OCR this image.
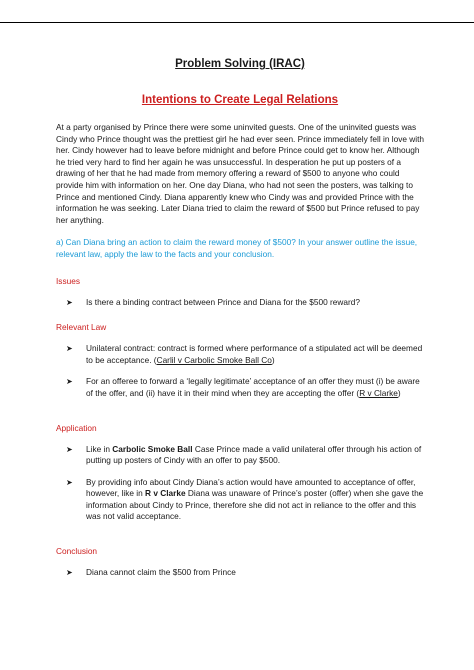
Problem Solving (IRAC)

Intentions to Create Legal Relations

At a party organised by Prince there were some uninvited guests. One of the uninvited guests was Cindy who Prince thought was the prettiest girl he had ever seen. Prince immediately fell in love with her. Cindy however had to leave before midnight and before Prince could get to know her. Although he tried very hard to find her again he was unsuccessful. In desperation he put up posters of a drawing of her that he had made from memory offering a reward of $500 to anyone who could provide him with information on her. One day Diana, who had not seen the posters, was talking to Prince and mentioned Cindy. Diana apparently knew who Cindy was and provided Prince with the information he was seeking. Later Diana tried to claim the reward of $500 but Prince refused to pay her anything.

a) Can Diana bring an action to claim the reward money of $500? In your answer outline the issue, relevant law, apply the law to the facts and your conclusion.

Issues

➤ Is there a binding contract between Prince and Diana for the $500 reward?

Relevant Law

➤ Unilateral contract: contract is formed where performance of a stipulated act will be deemed to be acceptance. (Carlil v Carbolic Smoke Ball Co)
➤ For an offeree to forward a ‘legally legitimate’ acceptance of an offer they must (i) be aware of the offer, and (ii) have it in their mind when they are accepting the offer (R v Clarke)

Application

➤ Like in Carbolic Smoke Ball Case Prince made a valid unilateral offer through his action of putting up posters of Cindy with an offer to pay $500.
➤ By providing info about Cindy Diana’s action would have amounted to acceptance of offer, however, like in R v Clarke Diana was unaware of Prince’s poster (offer) when she gave the information about Cindy to Prince, therefore she did not act in reliance to the offer and this was not valid acceptance.

Conclusion

➤ Diana cannot claim the $500 from Prince
